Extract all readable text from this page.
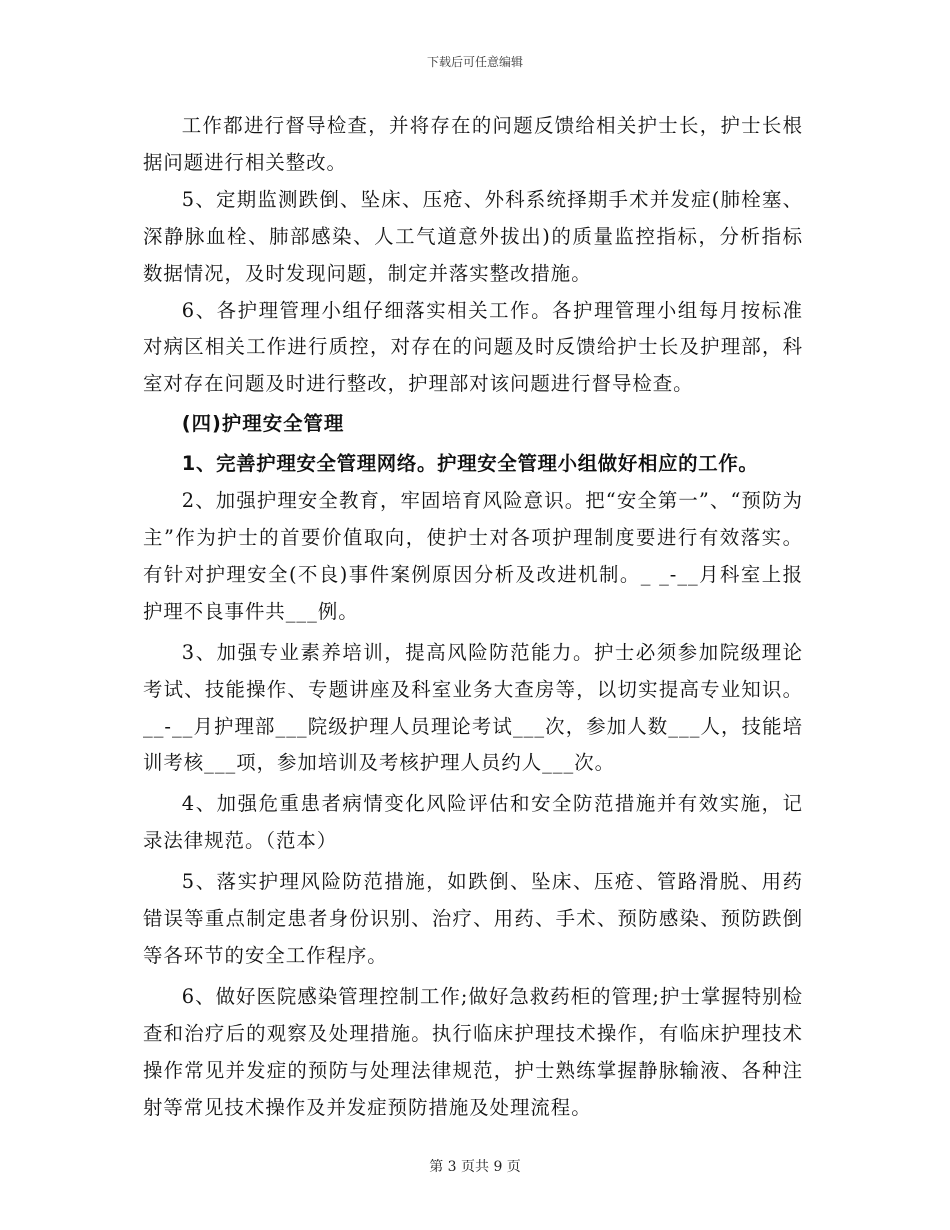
下载后可任意编辑

工作都进行督导检查，并将存在的问题反馈给相关护士长，护士长根据问题进行相关整改。

5、定期监测跌倒、坠床、压疮、外科系统择期手术并发症(肺栓塞、深静脉血栓、肺部感染、人工气道意外拔出)的质量监控指标，分析指标数据情况，及时发现问题，制定并落实整改措施。

6、各护理管理小组仔细落实相关工作。各护理管理小组每月按标准对病区相关工作进行质控，对存在的问题及时反馈给护士长及护理部，科室对存在问题及时进行整改，护理部对该问题进行督导检查。

(四)护理安全管理

1、完善护理安全管理网络。护理安全管理小组做好相应的工作。

2、加强护理安全教育，牢固培育风险意识。把“安全第一”、“预防为主”作为护士的首要价值取向，使护士对各项护理制度要进行有效落实。有针对护理安全(不良)事件案例原因分析及改进机制。_ _-__月科室上报护理不良事件共___例。

3、加强专业素养培训，提高风险防范能力。护士必须参加院级理论考试、技能操作、专题讲座及科室业务大查房等，以切实提高专业知识。__-__月护理部___院级护理人员理论考试___次，参加人数___人，技能培训考核___项，参加培训及考核护理人员约人___次。

4、加强危重患者病情变化风险评估和安全防范措施并有效实施，记录法律规范。（范本）

5、落实护理风险防范措施，如跌倒、坠床、压疮、管路滑脱、用药错误等重点制定患者身份识别、治疗、用药、手术、预防感染、预防跌倒等各环节的安全工作程序。

6、做好医院感染管理控制工作;做好急救药柜的管理;护士掌握特别检查和治疗后的观察及处理措施。执行临床护理技术操作，有临床护理技术操作常见并发症的预防与处理法律规范，护士熟练掌握静脉输液、各种注射等常见技术操作及并发症预防措施及处理流程。

第 3 页共 9 页
